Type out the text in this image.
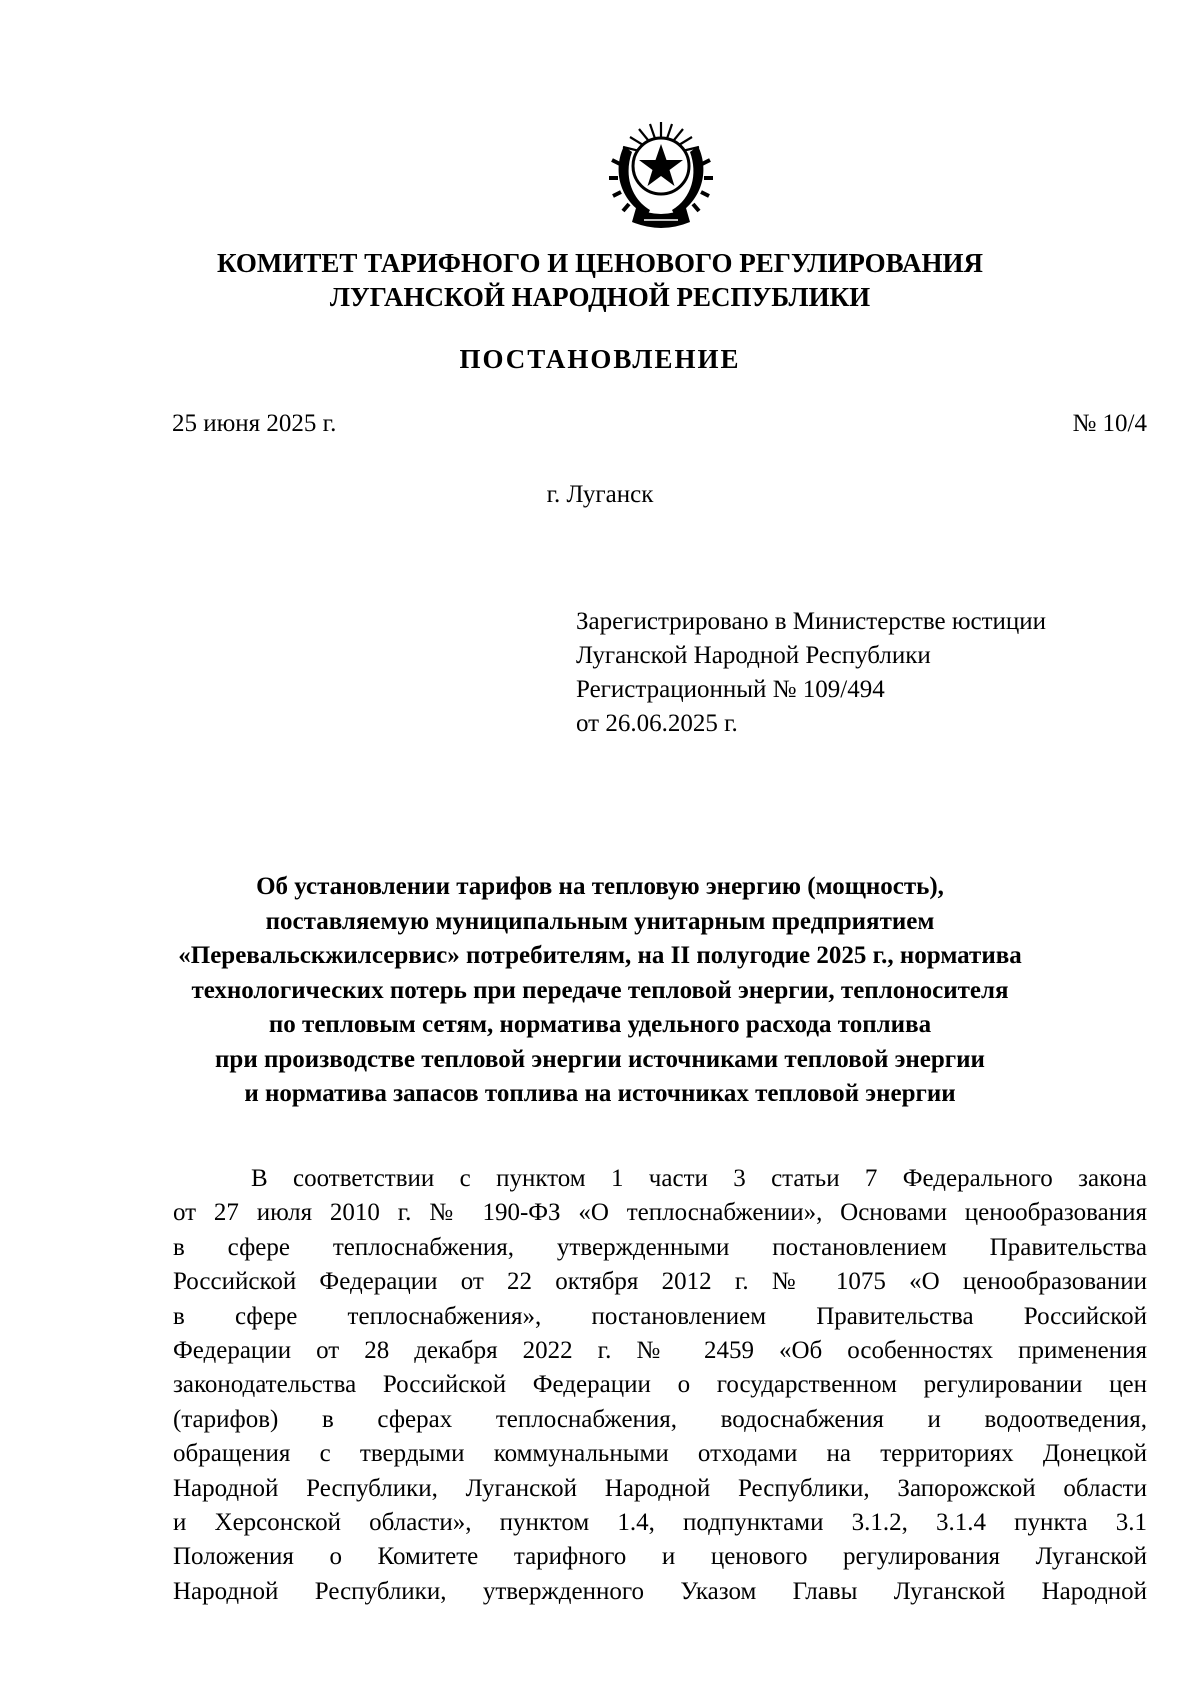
КОМИТЕТ ТАРИФНОГО И ЦЕНОВОГО РЕГУЛИРОВАНИЯ
ЛУГАНСКОЙ НАРОДНОЙ РЕСПУБЛИКИ
ПОСТАНОВЛЕНИЕ
25 июня 2025 г.	№ 10/4
г. Луганск
Зарегистрировано в Министерстве юстиции
Луганской Народной Республики
Регистрационный № 109/494
от 26.06.2025 г.
Об установлении тарифов на тепловую энергию (мощность),
поставляемую муниципальным унитарным предприятием
«Перевальскжилсервис» потребителям, на II полугодие 2025 г., норматива
технологических потерь при передаче тепловой энергии, теплоносителя
по тепловым сетям, норматива удельного расхода топлива
при производстве тепловой энергии источниками тепловой энергии
и норматива запасов топлива на источниках тепловой энергии
В соответствии с пунктом 1 части 3 статьи 7 Федерального закона
от 27 июля 2010 г. № 190-ФЗ «О теплоснабжении», Основами ценообразования
в сфере теплоснабжения, утвержденными постановлением Правительства
Российской Федерации от 22 октября 2012 г. № 1075 «О ценообразовании
в сфере теплоснабжения», постановлением Правительства Российской
Федерации от 28 декабря 2022 г. № 2459 «Об особенностях применения
законодательства Российской Федерации о государственном регулировании цен
(тарифов) в сферах теплоснабжения, водоснабжения и водоотведения,
обращения с твердыми коммунальными отходами на территориях Донецкой
Народной Республики, Луганской Народной Республики, Запорожской области
и Херсонской области», пунктом 1.4, подпунктами 3.1.2, 3.1.4 пункта 3.1
Положения о Комитете тарифного и ценового регулирования Луганской
Народной Республики, утвержденного Указом Главы Луганской Народной
